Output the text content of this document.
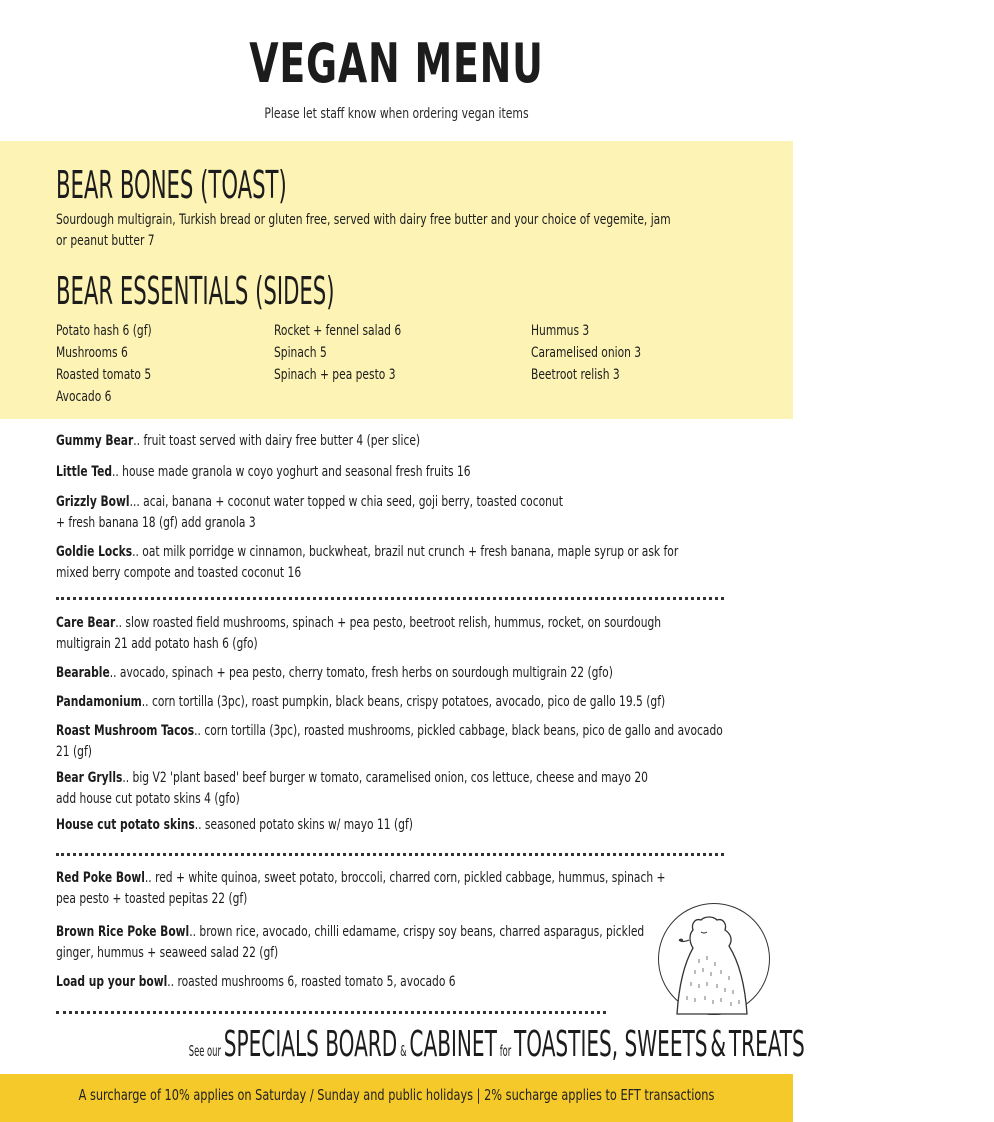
VEGAN MENU
Please let staff know when ordering vegan items
BEAR BONES (TOAST)
Sourdough multigrain, Turkish bread or gluten free, served with dairy free butter and your choice of vegemite, jam
or peanut butter 7
BEAR ESSENTIALS (SIDES)
Potato hash 6 (gf)
Mushrooms 6
Roasted tomato 5
Avocado 6
Rocket + fennel salad 6
Spinach 5
Spinach + pea pesto 3
Hummus 3
Caramelised onion 3
Beetroot relish 3
Gummy Bear.. fruit toast served with dairy free butter 4 (per slice)
Little Ted.. house made granola w coyo yoghurt and seasonal fresh fruits 16
Grizzly Bowl... acai, banana + coconut water topped w chia seed, goji berry, toasted coconut
+ fresh banana 18 (gf) add granola 3
Goldie Locks.. oat milk porridge w cinnamon, buckwheat, brazil nut crunch + fresh banana, maple syrup or ask for
mixed berry compote and toasted coconut 16
Care Bear.. slow roasted field mushrooms, spinach + pea pesto, beetroot relish, hummus, rocket, on sourdough
multigrain 21 add potato hash 6 (gfo)
Bearable.. avocado, spinach + pea pesto, cherry tomato, fresh herbs on sourdough multigrain 22 (gfo)
Pandamonium.. corn tortilla (3pc), roast pumpkin, black beans, crispy potatoes, avocado, pico de gallo 19.5 (gf)
Roast Mushroom Tacos.. corn tortilla (3pc), roasted mushrooms, pickled cabbage, black beans, pico de gallo and avocado
21 (gf)
Bear Grylls.. big V2 'plant based' beef burger w tomato, caramelised onion, cos lettuce, cheese and mayo 20
add house cut potato skins 4 (gfo)
House cut potato skins.. seasoned potato skins w/ mayo 11 (gf)
Red Poke Bowl.. red + white quinoa, sweet potato, broccoli, charred corn, pickled cabbage, hummus, spinach +
pea pesto + toasted pepitas 22 (gf)
Brown Rice Poke Bowl.. brown rice, avocado, chilli edamame, crispy soy beans, charred asparagus, pickled
ginger, hummus + seaweed salad 22 (gf)
Load up your bowl.. roasted mushrooms 6, roasted tomato 5, avocado 6
See our SPECIALS BOARD & CABINET for TOASTIES, SWEETS & TREATS
A surcharge of 10% applies on Saturday / Sunday and public holidays | 2% sucharge applies to EFT transactions
